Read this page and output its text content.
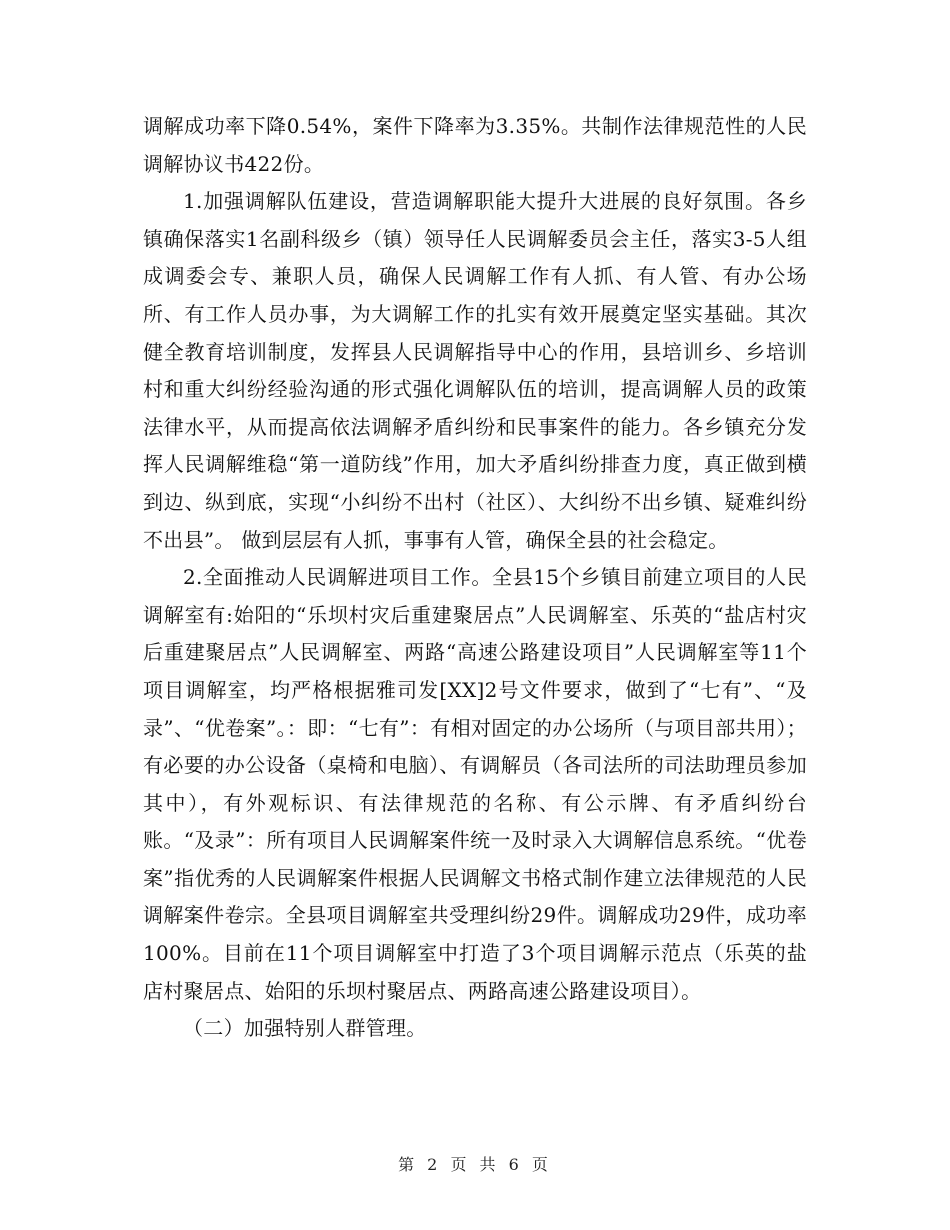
调解成功率下降0.54%，案件下降率为3.35%。共制作法律规范性的人民调解协议书422份。

1.加强调解队伍建设，营造调解职能大提升大进展的良好氛围。各乡镇确保落实1名副科级乡（镇）领导任人民调解委员会主任，落实3-5人组成调委会专、兼职人员，确保人民调解工作有人抓、有人管、有办公场所、有工作人员办事，为大调解工作的扎实有效开展奠定坚实基础。其次健全教育培训制度，发挥县人民调解指导中心的作用，县培训乡、乡培训村和重大纠纷经验沟通的形式强化调解队伍的培训，提高调解人员的政策法律水平，从而提高依法调解矛盾纠纷和民事案件的能力。各乡镇充分发挥人民调解维稳“第一道防线”作用，加大矛盾纠纷排查力度，真正做到横到边、纵到底，实现“小纠纷不出村（社区）、大纠纷不出乡镇、疑难纠纷不出县”。 做到层层有人抓，事事有人管，确保全县的社会稳定。

2.全面推动人民调解进项目工作。全县15个乡镇目前建立项目的人民调解室有:始阳的“乐坝村灾后重建聚居点”人民调解室、乐英的“盐店村灾后重建聚居点”人民调解室、两路“高速公路建设项目”人民调解室等11个项目调解室，均严格根据雅司发[XX]2号文件要求，做到了“七有”、“及录”、“优卷案”。：即：“七有”：有相对固定的办公场所（与项目部共用）；有必要的办公设备（桌椅和电脑）、有调解员（各司法所的司法助理员参加其中），有外观标识、有法律规范的名称、有公示牌、有矛盾纠纷台账。“及录”：所有项目人民调解案件统一及时录入大调解信息系统。“优卷案”指优秀的人民调解案件根据人民调解文书格式制作建立法律规范的人民调解案件卷宗。全县项目调解室共受理纠纷29件。调解成功29件，成功率100%。目前在11个项目调解室中打造了3个项目调解示范点（乐英的盐店村聚居点、始阳的乐坝村聚居点、两路高速公路建设项目）。

（二）加强特别人群管理。

第 2 页 共 6 页
